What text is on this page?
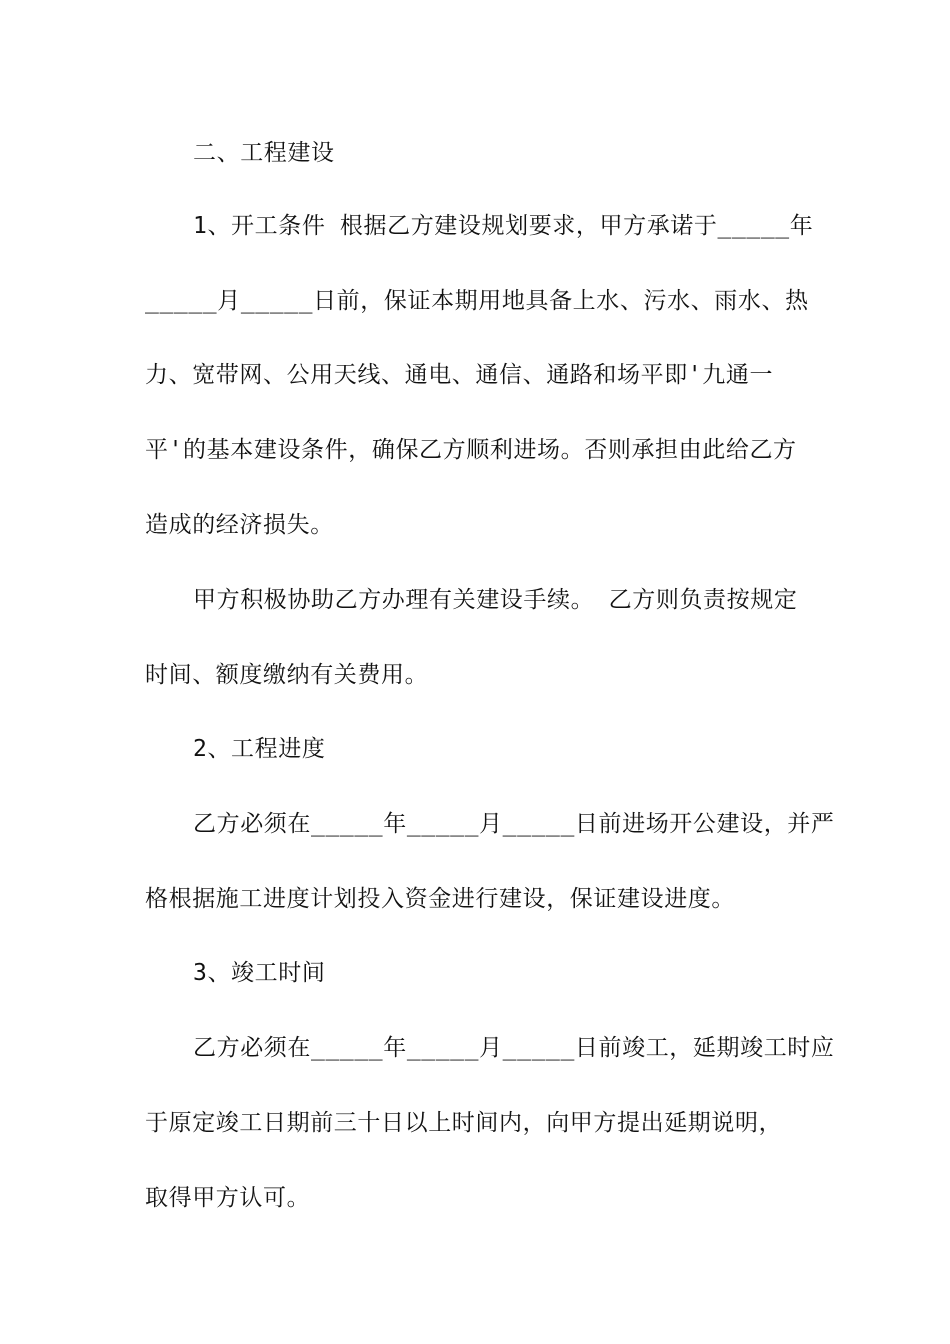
二、工程建设
1、开工条件 根据乙方建设规划要求，甲方承诺于_____年
_____月_____日前，保证本期用地具备上水、污水、雨水、热
力、宽带网、公用天线、通电、通信、通路和场平即'九通一
平'的基本建设条件，确保乙方顺利进场。否则承担由此给乙方
造成的经济损失。
甲方积极协助乙方办理有关建设手续。 乙方则负责按规定
时间、额度缴纳有关费用。
2、工程进度
乙方必须在_____年_____月_____日前进场开公建设，并严
格根据施工进度计划投入资金进行建设，保证建设进度。
3、竣工时间
乙方必须在_____年_____月_____日前竣工，延期竣工时应
于原定竣工日期前三十日以上时间内，向甲方提出延期说明，
取得甲方认可。
